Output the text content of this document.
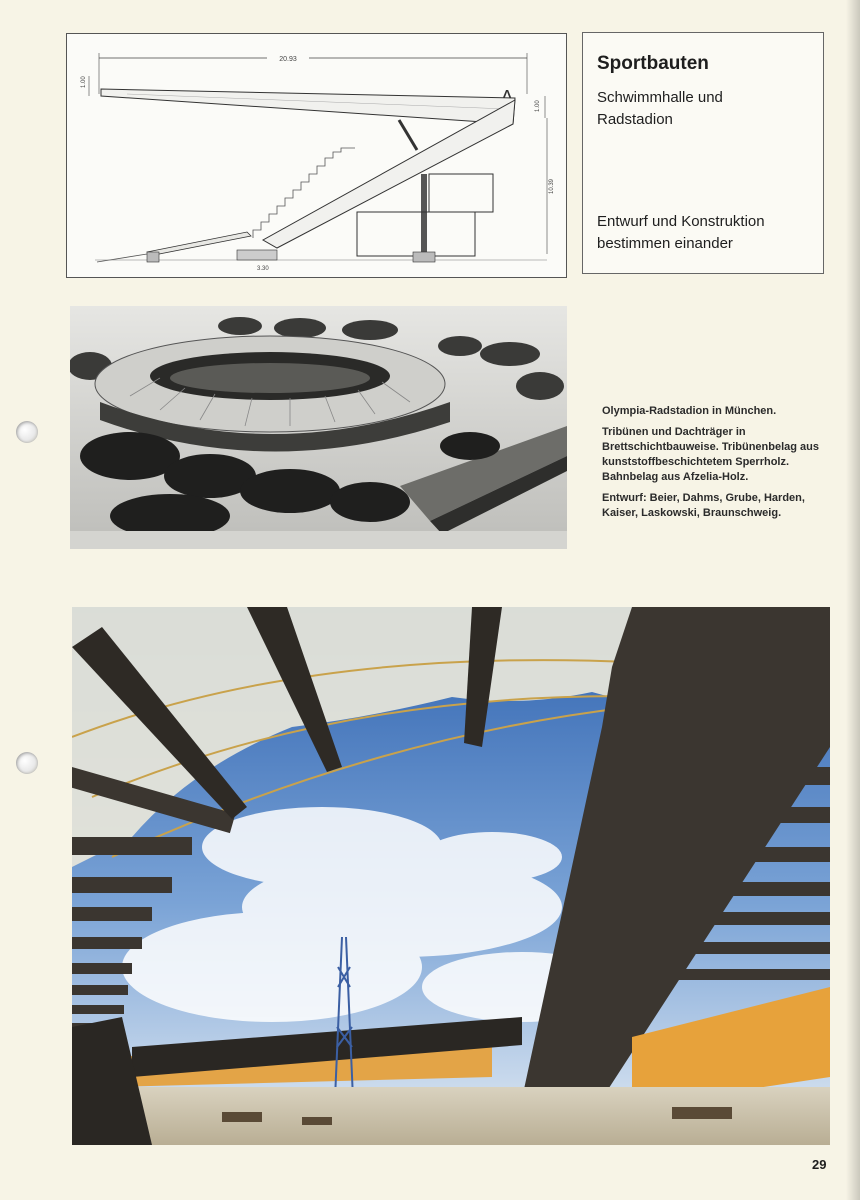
20.93
1.00
1.00
10.39
3.30

Sportbauten

Schwimmhalle und
Radstadion

Entwurf und Konstruktion
bestimmen einander

Olympia-Radstadion in München.

Tribünen und Dachträger in Brettschichtbauweise. Tribünenbelag aus kunststoffbeschichtetem Sperrholz. Bahnbelag aus Afzelia-Holz.

Entwurf: Beier, Dahms, Grube, Harden, Kaiser, Laskowski, Braunschweig.

29
